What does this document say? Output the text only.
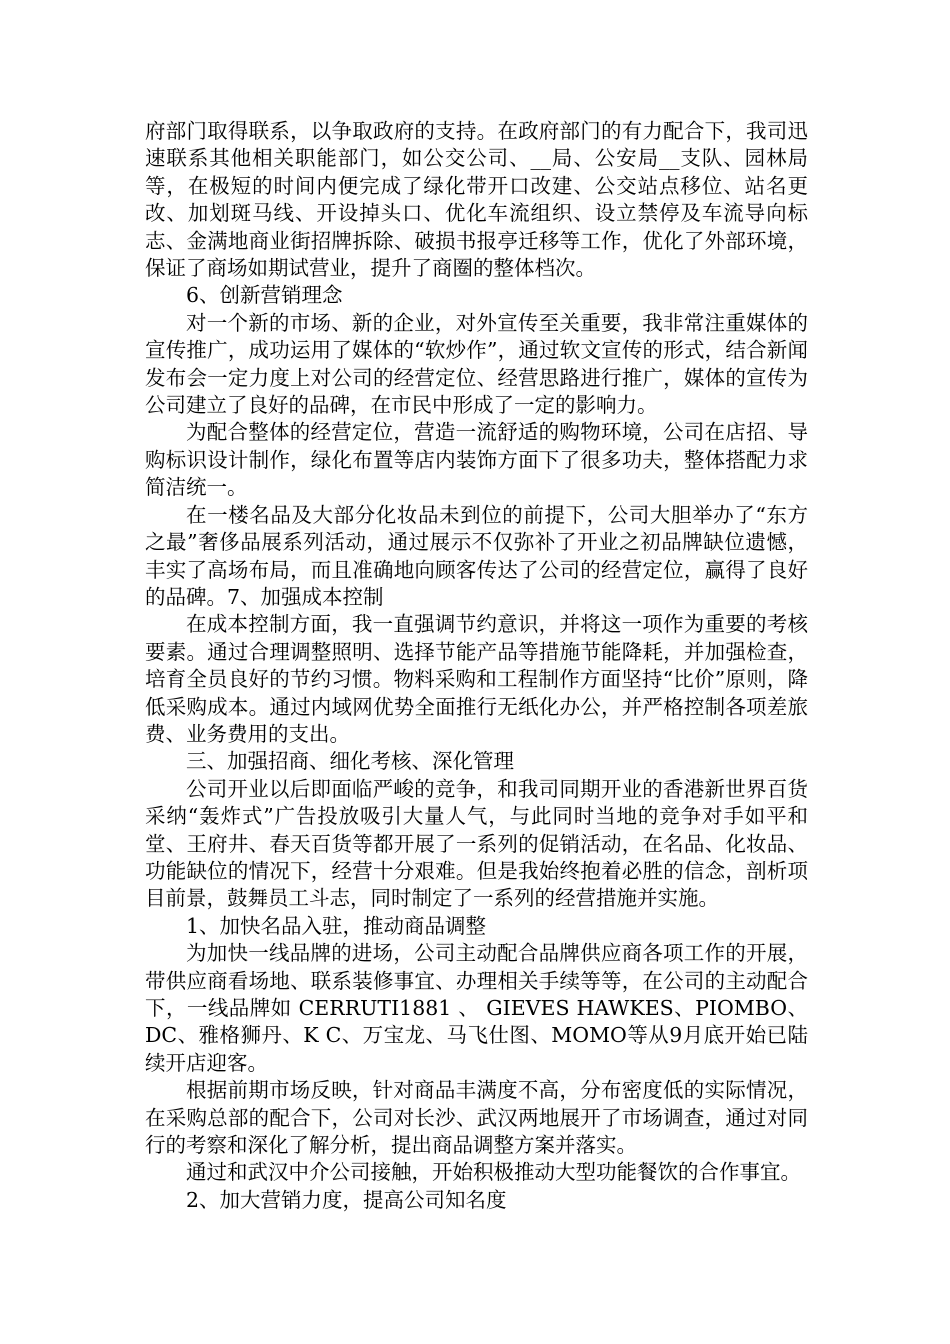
府部门取得联系，以争取政府的支持。在政府部门的有力配合下，我司迅速联系其他相关职能部门，如公交公司、__局、公安局__支队、园林局等，在极短的时间内便完成了绿化带开口改建、公交站点移位、站名更改、加划斑马线、开设掉头口、优化车流组织、设立禁停及车流导向标志、金满地商业街招牌拆除、破损书报亭迁移等工作，优化了外部环境，保证了商场如期试营业，提升了商圈的整体档次。

6、创新营销理念

对一个新的市场、新的企业，对外宣传至关重要，我非常注重媒体的宣传推广，成功运用了媒体的“软炒作”，通过软文宣传的形式，结合新闻发布会一定力度上对公司的经营定位、经营思路进行推广，媒体的宣传为公司建立了良好的品碑，在市民中形成了一定的影响力。

为配合整体的经营定位，营造一流舒适的购物环境，公司在店招、导购标识设计制作，绿化布置等店内装饰方面下了很多功夫，整体搭配力求简洁统一。

在一楼名品及大部分化妆品未到位的前提下，公司大胆举办了“东方之最”奢侈品展系列活动，通过展示不仅弥补了开业之初品牌缺位遗憾，丰实了高场布局，而且准确地向顾客传达了公司的经营定位，赢得了良好的品碑。7、加强成本控制

在成本控制方面，我一直强调节约意识，并将这一项作为重要的考核要素。通过合理调整照明、选择节能产品等措施节能降耗，并加强检查，培育全员良好的节约习惯。物料采购和工程制作方面坚持“比价”原则，降低采购成本。通过内域网优势全面推行无纸化办公，并严格控制各项差旅费、业务费用的支出。

三、加强招商、细化考核、深化管理

公司开业以后即面临严峻的竞争，和我司同期开业的香港新世界百货采纳“轰炸式”广告投放吸引大量人气，与此同时当地的竞争对手如平和堂、王府井、春天百货等都开展了一系列的促销活动，在名品、化妆品、功能缺位的情况下，经营十分艰难。但是我始终抱着必胜的信念，剖析项目前景，鼓舞员工斗志，同时制定了一系列的经营措施并实施。

1、加快名品入驻，推动商品调整

为加快一线品牌的进场，公司主动配合品牌供应商各项工作的开展，带供应商看场地、联系装修事宜、办理相关手续等等，在公司的主动配合下，一线品牌如 CERRUTI1881 、 GIEVES HAWKES、PIOMBO、DC、雅格狮丹、K C、万宝龙、马飞仕图、MOMO等从9月底开始已陆续开店迎客。

根据前期市场反映，针对商品丰满度不高，分布密度低的实际情况，在采购总部的配合下，公司对长沙、武汉两地展开了市场调查，通过对同行的考察和深化了解分析，提出商品调整方案并落实。

通过和武汉中介公司接触，开始积极推动大型功能餐饮的合作事宜。

2、加大营销力度，提高公司知名度
